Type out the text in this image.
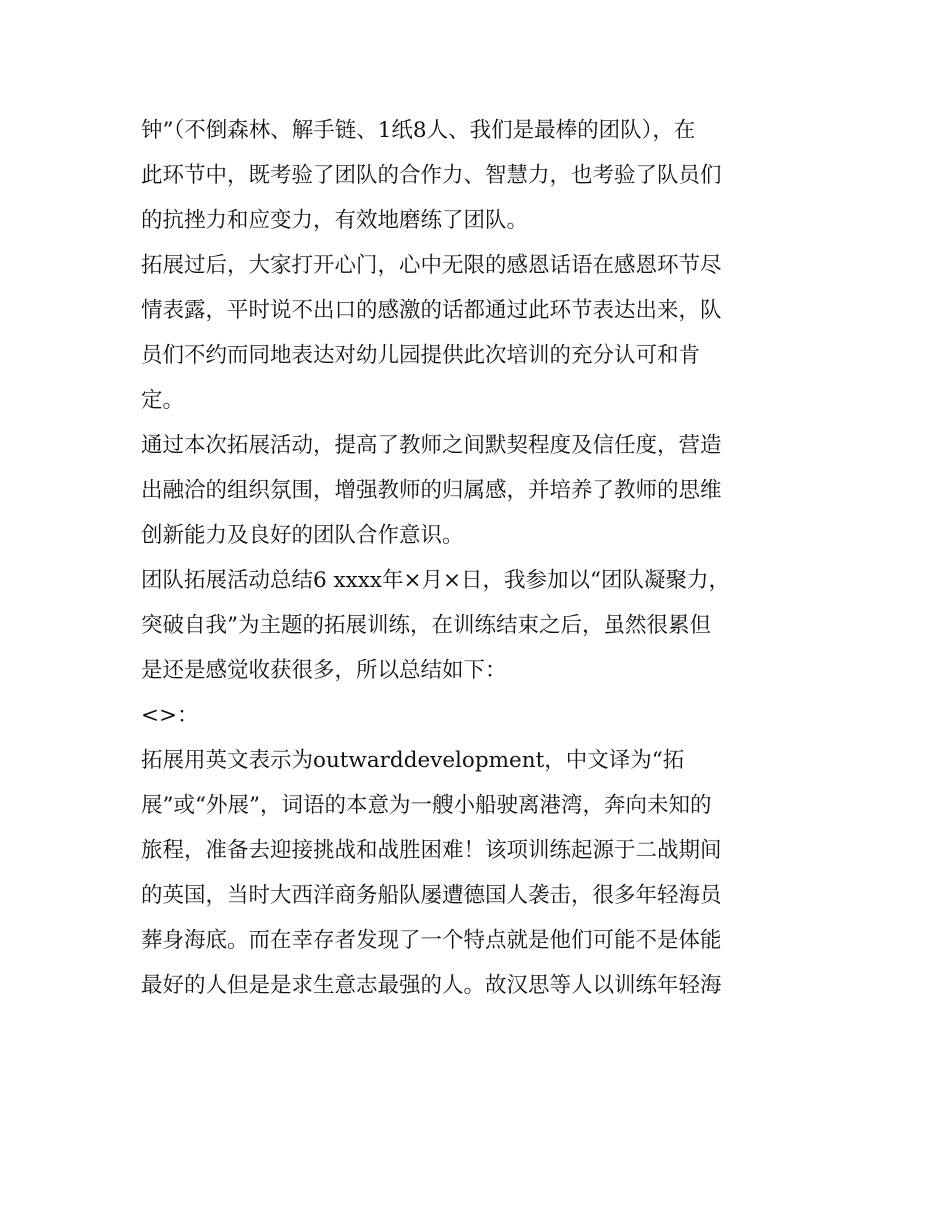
钟”（不倒森林、解手链、1纸8人、我们是最棒的团队），在
此环节中，既考验了团队的合作力、智慧力，也考验了队员们
的抗挫力和应变力，有效地磨练了团队。
拓展过后，大家打开心门，心中无限的感恩话语在感恩环节尽
情表露，平时说不出口的感激的话都通过此环节表达出来，队
员们不约而同地表达对幼儿园提供此次培训的充分认可和肯
定。
通过本次拓展活动，提高了教师之间默契程度及信任度，营造
出融洽的组织氛围，增强教师的归属感，并培养了教师的思维
创新能力及良好的团队合作意识。
团队拓展活动总结6 xxxx年×月×日，我参加以“团队凝聚力，
突破自我”为主题的拓展训练，在训练结束之后，虽然很累但
是还是感觉收获很多，所以总结如下：
<>：
拓展用英文表示为outwarddevelopment，中文译为“拓
展”或“外展”，词语的本意为一艘小船驶离港湾，奔向未知的
旅程，准备去迎接挑战和战胜困难！该项训练起源于二战期间
的英国，当时大西洋商务船队屡遭德国人袭击，很多年轻海员
葬身海底。而在幸存者发现了一个特点就是他们可能不是体能
最好的人但是是求生意志最强的人。故汉思等人以训练年轻海
